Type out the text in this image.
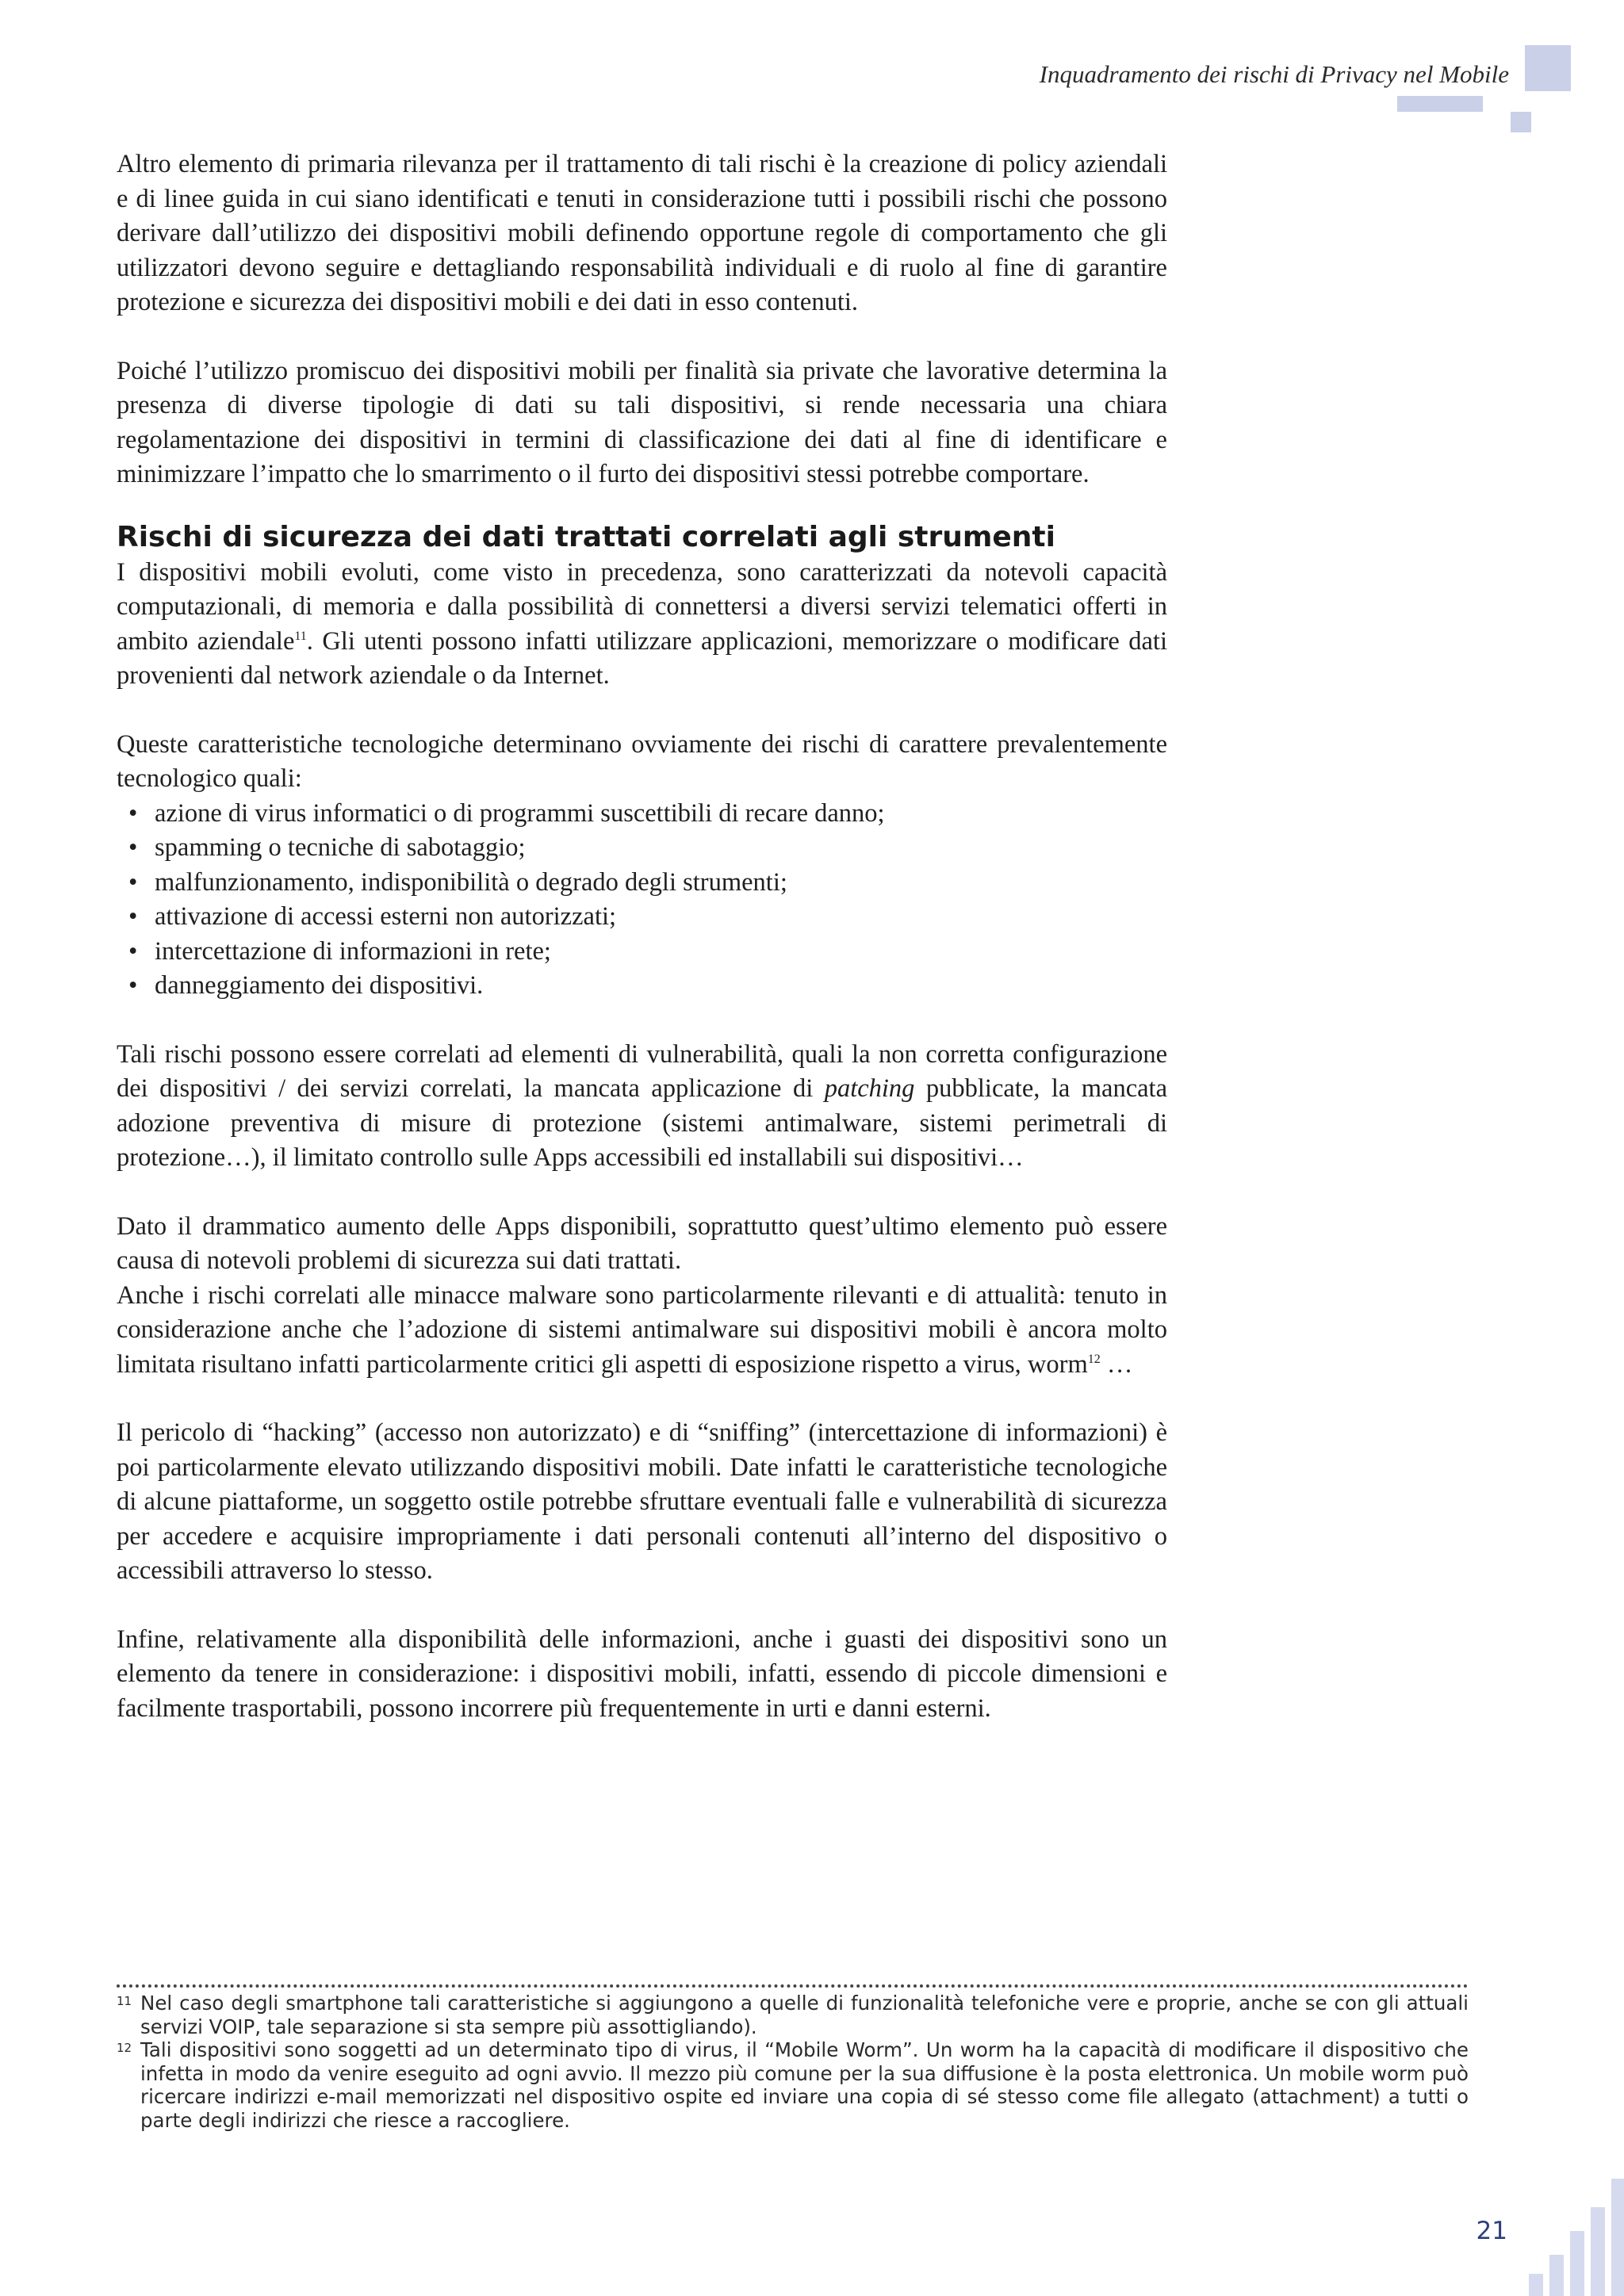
Inquadramento dei rischi di Privacy nel Mobile

Altro elemento di primaria rilevanza per il trattamento di tali rischi è la creazione di policy aziendali e di linee guida in cui siano identificati e tenuti in considerazione tutti i possibili rischi che possono derivare dall’utilizzo dei dispositivi mobili definendo opportune regole di comportamento che gli utilizzatori devono seguire e dettagliando responsabilità individuali e di ruolo al fine di garantire protezione e sicurezza dei dispositivi mobili e dei dati in esso contenuti.

Poiché l’utilizzo promiscuo dei dispositivi mobili per finalità sia private che lavorative determina la presenza di diverse tipologie di dati su tali dispositivi, si rende necessaria una chiara regolamentazione dei dispositivi in termini di classificazione dei dati al fine di identificare e minimizzare l’impatto che lo smarrimento o il furto dei dispositivi stessi potrebbe comportare.

Rischi di sicurezza dei dati trattati correlati agli strumenti

I dispositivi mobili evoluti, come visto in precedenza, sono caratterizzati da notevoli capacità computazionali, di memoria e dalla possibilità di connettersi a diversi servizi telematici offerti in ambito aziendale$^{11}$. Gli utenti possono infatti utilizzare applicazioni, memorizzare o modificare dati provenienti dal network aziendale o da Internet.

Queste caratteristiche tecnologiche determinano ovviamente dei rischi di carattere prevalentemente tecnologico quali:

• azione di virus informatici o di programmi suscettibili di recare danno;
• spamming o tecniche di sabotaggio;
• malfunzionamento, indisponibilità o degrado degli strumenti;
• attivazione di accessi esterni non autorizzati;
• intercettazione di informazioni in rete;
• danneggiamento dei dispositivi.

Tali rischi possono essere correlati ad elementi di vulnerabilità, quali la non corretta configurazione dei dispositivi / dei servizi correlati, la mancata applicazione di patching pubblicate, la mancata adozione preventiva di misure di protezione (sistemi antimalware, sistemi perimetrali di protezione…), il limitato controllo sulle Apps accessibili ed installabili sui dispositivi…

Dato il drammatico aumento delle Apps disponibili, soprattutto quest’ultimo elemento può essere causa di notevoli problemi di sicurezza sui dati trattati.

Anche i rischi correlati alle minacce malware sono particolarmente rilevanti e di attualità: tenuto in considerazione anche che l’adozione di sistemi antimalware sui dispositivi mobili è ancora molto limitata risultano infatti particolarmente critici gli aspetti di esposizione rispetto a virus, worm$^{12}$ …

Il pericolo di “hacking” (accesso non autorizzato) e di “sniffing” (intercettazione di informazioni) è poi particolarmente elevato utilizzando dispositivi mobili. Date infatti le caratteristiche tecnologiche di alcune piattaforme, un soggetto ostile potrebbe sfruttare eventuali falle e vulnerabilità di sicurezza per accedere e acquisire impropriamente i dati personali contenuti all’interno del dispositivo o accessibili attraverso lo stesso.

Infine, relativamente alla disponibilità delle informazioni, anche i guasti dei dispositivi sono un elemento da tenere in considerazione: i dispositivi mobili, infatti, essendo di piccole dimensioni e facilmente trasportabili, possono incorrere più frequentemente in urti e danni esterni.

11 Nel caso degli smartphone tali caratteristiche si aggiungono a quelle di funzionalità telefoniche vere e proprie, anche se con gli attuali servizi VOIP, tale separazione si sta sempre più assottigliando).
12 Tali dispositivi sono soggetti ad un determinato tipo di virus, il “Mobile Worm”. Un worm ha la capacità di modificare il dispositivo che infetta in modo da venire eseguito ad ogni avvio. Il mezzo più comune per la sua diffusione è la posta elettronica. Un mobile worm può ricercare indirizzi e-mail memorizzati nel dispositivo ospite ed inviare una copia di sé stesso come file allegato (attachment) a tutti o parte degli indirizzi che riesce a raccogliere.
21
